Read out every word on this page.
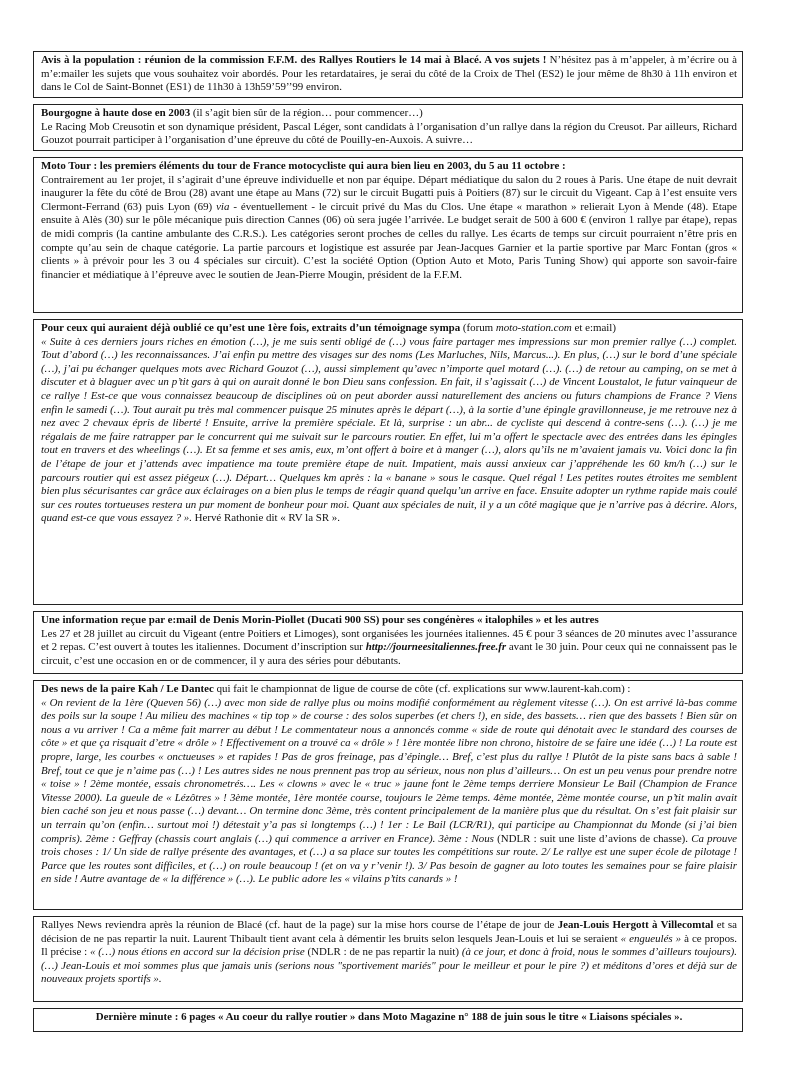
Avis à la population : réunion de la commission F.F.M. des Rallyes Routiers le 14 mai à Blacé. A vos sujets ! N’hésitez pas à m’appeler, à m’écrire ou à m’e:mailer les sujets que vous souhaitez voir abordés. Pour les retardataires, je serai du côté de la Croix de Thel (ES2) le jour même de 8h30 à 11h environ et dans le Col de Saint-Bonnet (ES1) de 11h30 à 13h59’59’’99 environ.

Bourgogne à haute dose en 2003 (il s’agit bien sûr de la région… pour commencer…)

Le Racing Mob Creusotin et son dynamique président, Pascal Léger, sont candidats à l’organisation d’un rallye dans la région du Creusot. Par ailleurs, Richard Gouzot pourrait participer à l’organisation d’une épreuve du côté de Pouilly-en-Auxois. A suivre…

Moto Tour : les premiers éléments du tour de France motocycliste qui aura bien lieu en 2003, du 5 au 11 octobre :

Contrairement au 1er projet, il s’agirait d’une épreuve individuelle et non par équipe. Départ médiatique du salon du 2 roues à Paris. Une étape de nuit devrait inaugurer la fête du côté de Brou (28) avant une étape au Mans (72) sur le circuit Bugatti puis à Poitiers (87) sur le circuit du Vigeant. Cap à l’est ensuite vers Clermont-Ferrand (63) puis Lyon (69) via - éventuellement - le circuit privé du Mas du Clos. Une étape « marathon » relierait Lyon à Mende (48). Etape ensuite à Alès (30) sur le pôle mécanique puis direction Cannes (06) où sera jugée l’arrivée. Le budget serait de 500 à 600 € (environ 1 rallye par étape), repas de midi compris (la cantine ambulante des C.R.S.). Les catégories seront proches de celles du rallye. Les écarts de temps sur circuit pourraient n’être pris en compte qu’au sein de chaque catégorie. La partie parcours et logistique est assurée par Jean-Jacques Garnier et la partie sportive par Marc Fontan (gros « clients » à prévoir pour les 3 ou 4 spéciales sur circuit). C’est la société Option (Option Auto et Moto, Paris Tuning Show) qui apporte son savoir-faire financier et médiatique à l’épreuve avec le soutien de Jean-Pierre Mougin, président de la F.F.M.

Pour ceux qui auraient déjà oublié ce qu’est une 1ère fois, extraits d’un témoignage sympa (forum moto-station.com et e:mail)

« Suite à ces derniers jours riches en émotion (…), je me suis senti obligé de (…) vous faire partager mes impressions sur mon premier rallye (…) complet. Tout d’abord (…) les reconnaissances. J’ai enfin pu mettre des visages sur des noms (Les Marluches, Nils, Marcus...). En plus, (…) sur le bord d’une spéciale (…), j’ai pu échanger quelques mots avec Richard Gouzot (…), aussi simplement qu’avec n’importe quel motard (…). (…) de retour au camping, on se met à discuter et à blaguer avec un p’tit gars à qui on aurait donné le bon Dieu sans confession. En fait, il s’agissait (…) de Vincent Loustalot, le futur vainqueur de ce rallye ! Est-ce que vous connaissez beaucoup de disciplines où on peut aborder aussi naturellement des anciens ou futurs champions de France ? Viens enfin le samedi (…). Tout aurait pu très mal commencer puisque 25 minutes après le départ (…), à la sortie d’une épingle gravillonneuse, je me retrouve nez à nez avec 2 chevaux épris de liberté ! Ensuite, arrive la première spéciale. Et là, surprise : un abr... de cycliste qui descend à contre-sens (…). (…) je me régalais de me faire ratrapper par le concurrent qui me suivait sur le parcours routier. En effet, lui m’a offert le spectacle avec des entrées dans les épingles tout en travers et des wheelings (…). Et sa femme et ses amis, eux, m’ont offert à boire et à manger (…), alors qu’ils ne m’avaient jamais vu. Voici donc la fin de l’étape de jour et j’attends avec impatience ma toute première étape de nuit. Impatient, mais aussi anxieux car j’appréhende les 60 km/h (…) sur le parcours routier qui est assez piégeux (…). Départ… Quelques km après : la « banane » sous le casque. Quel régal ! Les petites routes étroites me semblent bien plus sécurisantes car grâce aux éclairages on a bien plus le temps de réagir quand quelqu’un arrive en face. Ensuite adopter un rythme rapide mais coulé sur ces routes tortueuses restera un pur moment de bonheur pour moi. Quant aux spéciales de nuit, il y a un côté magique que je n’arrive pas à décrire. Alors, quand est-ce que vous essayez ? ». Hervé Rathonie dit « RV la SR ».

Une information reçue par e:mail de Denis Morin-Piollet (Ducati 900 SS) pour ses congénères « italophiles » et les autres

Les 27 et 28 juillet au circuit du Vigeant (entre Poitiers et Limoges), sont organisées les journées italiennes. 45 € pour 3 séances de 20 minutes avec l’assurance et 2 repas. C’est ouvert à toutes les italiennes. Document d’inscription sur http://journeesitaliennes.free.fr avant le 30 juin. Pour ceux qui ne connaissent pas le circuit, c’est une occasion en or de commencer, il y aura des séries pour débutants.

Des news de la paire Kah / Le Dantec qui fait le championnat de ligue de course de côte (cf. explications sur www.laurent-kah.com) :

« On revient de la 1ère (Queven 56) (…) avec mon side de rallye plus ou moins modifié conformément au règlement vitesse (…). On est arrivé là-bas comme des poils sur la soupe ! Au milieu des machines « tip top » de course : des solos superbes (et chers !), en side, des bassets… rien que des bassets ! Bien sûr on nous a vu arriver ! Ca a même fait marrer au début ! Le commentateur nous a annoncés comme « side de route qui dénotait avec le standard des courses de côte » et que ça risquait d’etre « drôle » ! Effectivement on a trouvé ca « drôle » ! 1ère montée libre non chrono, histoire de se faire une idée (…) ! La route est propre, large, les courbes « onctueuses » et rapides ! Pas de gros freinage, pas d’épingle… Bref, c’est plus du rallye ! Plutôt de la piste sans bacs à sable ! Bref, tout ce que je n’aime pas (…) ! Les autres sides ne nous prennent pas trop au sérieux, nous non plus d’ailleurs… On est un peu venus pour prendre notre « toise » ! 2ème montée, essais chronometrés…. Les « clowns » avec le « truc » jaune font le 2ème temps derriere Monsieur Le Bail (Champion de France Vitesse 2000). La gueule de « Lézôtres » ! 3ème montée, 1ère montée course, toujours le 2ème temps. 4ème montée, 2ème montée course, un p’tit malin avait bien caché son jeu et nous passe (…) devant… On termine donc 3ème, très content principalement de la manière plus que du résultat. On s’est fait plaisir sur un terrain qu’on (enfin… surtout moi !) détestait y’a pas si longtemps (…) ! 1er : Le Bail (LCR/R1), qui participe au Championnat du Monde (si j’ai bien compris). 2ème : Geffray (chassis court anglais (…) qui commence a arriver en France). 3ème : Nous (NDLR : suit une liste d’avions de chasse). Ca prouve trois choses : 1/ Un side de rallye présente des avantages, et (…) a sa place sur toutes les compétitions sur route. 2/ Le rallye est une super école de pilotage ! Parce que les routes sont difficiles, et (…) on roule beaucoup ! (et on va y r’venir !). 3/ Pas besoin de gagner au loto toutes les semaines pour se faire plaisir en side ! Autre avantage de « la différence » (…). Le public adore les « vilains p’tits canards » !

Rallyes News reviendra après la réunion de Blacé (cf. haut de la page) sur la mise hors course de l’étape de jour de Jean-Louis Hergott à Villecomtal et sa décision de ne pas repartir la nuit. Laurent Thibault tient avant cela à démentir les bruits selon lesquels Jean-Louis et lui se seraient « engueulés » à ce propos. Il précise : « (…) nous étions en accord sur la décision prise (NDLR : de ne pas repartir la nuit) (à ce jour, et donc à froid, nous le sommes d’ailleurs toujours). (…) Jean-Louis et moi sommes plus que jamais unis (serions nous "sportivement mariés" pour le meilleur et pour le pire ?) et méditons d’ores et déjà sur de nouveaux projets sportifs ».

Dernière minute : 6 pages « Au coeur du rallye routier » dans Moto Magazine n° 188 de juin sous le titre « Liaisons spéciales ».
